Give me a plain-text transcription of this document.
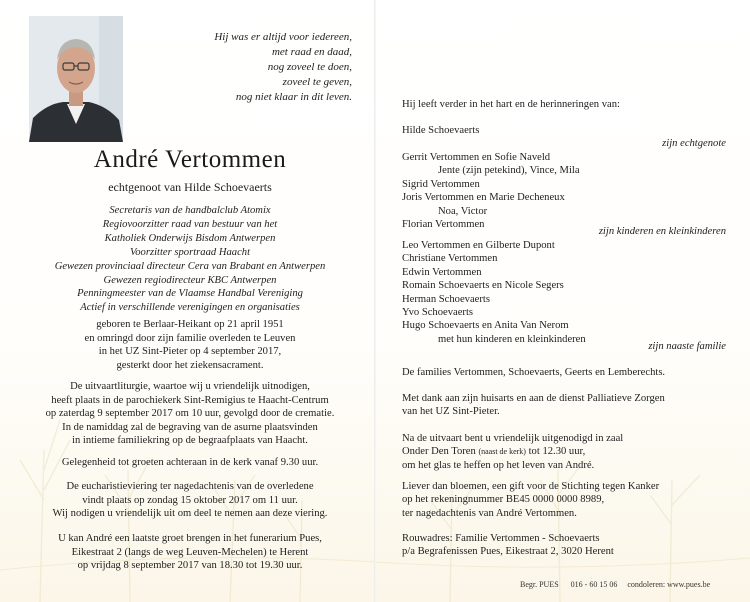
Hij was er altijd voor iedereen,
met raad en daad,
nog zoveel te doen,
zoveel te geven,
nog niet klaar in dit leven.
André Vertommen
echtgenoot van Hilde Schoevaerts
Secretaris van de handbalclub Atomix
Regiovoorzitter raad van bestuur van het
Katholiek Onderwijs Bisdom Antwerpen
Voorzitter sportraad Haacht
Gewezen provinciaal directeur Cera van Brabant en Antwerpen
Gewezen regiodirecteur KBC Antwerpen
Penningmeester van de Vlaamse Handbal Vereniging
Actief in verschillende verenigingen en organisaties
geboren te Berlaar-Heikant op 21 april 1951
en omringd door zijn familie overleden te Leuven
in het UZ Sint-Pieter op 4 september 2017,
gesterkt door het ziekensacrament.
De uitvaartliturgie, waartoe wij u vriendelijk uitnodigen,
heeft plaats in de parochiekerk Sint-Remigius te Haacht-Centrum
op zaterdag 9 september 2017 om 10 uur, gevolgd door de crematie.
In de namiddag zal de begraving van de asurne plaatsvinden
in intieme familiekring op de begraafplaats van Haacht.
Gelegenheid tot groeten achteraan in de kerk vanaf 9.30 uur.
De eucharistieviering ter nagedachtenis van de overledene
vindt plaats op zondag 15 oktober 2017 om 11 uur.
Wij nodigen u vriendelijk uit om deel te nemen aan deze viering.
U kan André een laatste groet brengen in het funerarium Pues,
Eikestraat 2 (langs de weg Leuven-Mechelen) te Herent
op vrijdag 8 september 2017 van 18.30 tot 19.30 uur.
Hij leeft verder in het hart en de herinneringen van:
Hilde Schoevaerts
zijn echtgenote
Gerrit Vertommen en Sofie Naveld
Jente (zijn petekind), Vince, Mila
Sigrid Vertommen
Joris Vertommen en Marie Decheneux
Noa, Victor
Florian Vertommen
zijn kinderen en kleinkinderen
Leo Vertommen en Gilberte Dupont
Christiane Vertommen
Edwin Vertommen
Romain Schoevaerts en Nicole Segers
Herman Schoevaerts
Yvo Schoevaerts
Hugo Schoevaerts en Anita Van Nerom
met hun kinderen en kleinkinderen
zijn naaste familie
De families Vertommen, Schoevaerts, Geerts en Lemberechts.
Met dank aan zijn huisarts en aan de dienst Palliatieve Zorgen
van het UZ Sint-Pieter.
Na de uitvaart bent u vriendelijk uitgenodigd in zaal
Onder Den Toren (naast de kerk) tot 12.30 uur,
om het glas te heffen op het leven van André.
Liever dan bloemen, een gift voor de Stichting tegen Kanker
op het rekeningnummer BE45 0000 0000 8989,
ter nagedachtenis van André Vertommen.
Rouwadres: Familie Vertommen - Schoevaerts
p/a Begrafenissen Pues, Eikestraat 2, 3020 Herent
Begr. PUES 016 - 60 15 06 condoleren: www.pues.be
